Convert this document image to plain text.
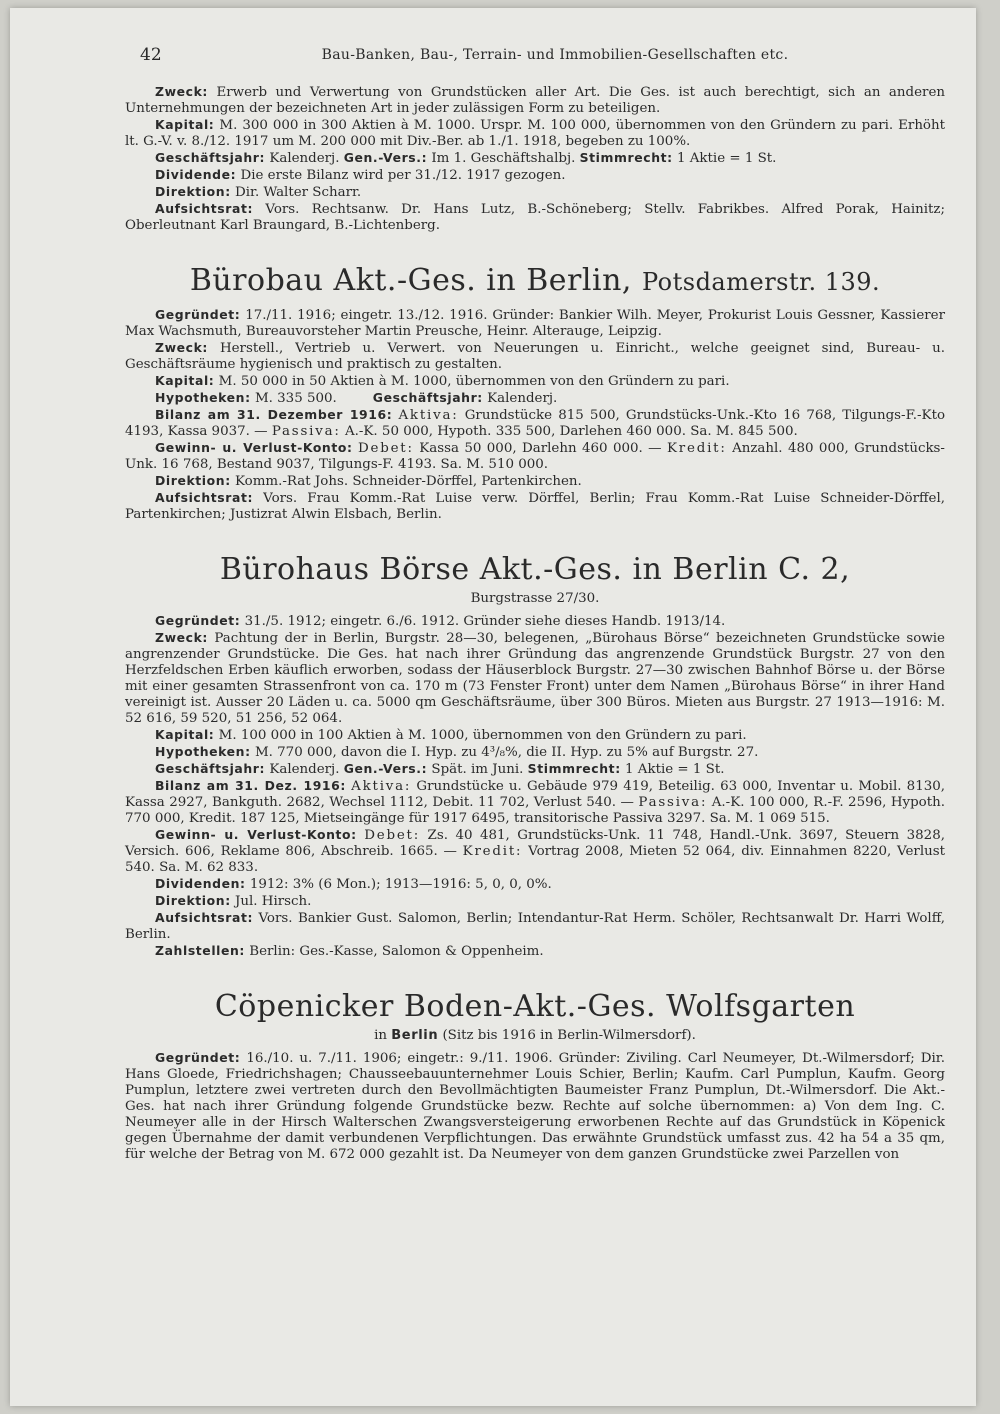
42	Bau-Banken, Bau-, Terrain- und Immobilien-Gesellschaften etc.

Zweck: Erwerb und Verwertung von Grundstücken aller Art. Die Ges. ist auch berechtigt, sich an anderen Unternehmungen der bezeichneten Art in jeder zulässigen Form zu beteiligen.

Kapital: M. 300 000 in 300 Aktien à M. 1000. Urspr. M. 100 000, übernommen von den Gründern zu pari. Erhöht lt. G.-V. v. 8./12. 1917 um M. 200 000 mit Div.-Ber. ab 1./1. 1918, begeben zu 100%.

Geschäftsjahr: Kalenderj. Gen.-Vers.: Im 1. Geschäftshalbj. Stimmrecht: 1 Aktie = 1 St.

Dividende: Die erste Bilanz wird per 31./12. 1917 gezogen.

Direktion: Dir. Walter Scharr.

Aufsichtsrat: Vors. Rechtsanw. Dr. Hans Lutz, B.-Schöneberg; Stellv. Fabrikbes. Alfred Porak, Hainitz; Oberleutnant Karl Braungard, B.-Lichtenberg.

Bürobau Akt.-Ges. in Berlin, Potsdamerstr. 139.

Gegründet: 17./11. 1916; eingetr. 13./12. 1916. Gründer: Bankier Wilh. Meyer, Prokurist Louis Gessner, Kassierer Max Wachsmuth, Bureauvorsteher Martin Preusche, Heinr. Alterauge, Leipzig.

Zweck: Herstell., Vertrieb u. Verwert. von Neuerungen u. Einricht., welche geeignet sind, Bureau- u. Geschäftsräume hygienisch und praktisch zu gestalten.

Kapital: M. 50 000 in 50 Aktien à M. 1000, übernommen von den Gründern zu pari.

Hypotheken: M. 335 500.	Geschäftsjahr: Kalenderj.

Bilanz am 31. Dezember 1916: Aktiva: Grundstücke 815 500, Grundstücks-Unk.-Kto 16 768, Tilgungs-F.-Kto 4193, Kassa 9037. — Passiva: A.-K. 50 000, Hypoth. 335 500, Darlehen 460 000. Sa. M. 845 500.

Gewinn- u. Verlust-Konto: Debet: Kassa 50 000, Darlehn 460 000. — Kredit: Anzahl. 480 000, Grundstücks-Unk. 16 768, Bestand 9037, Tilgungs-F. 4193. Sa. M. 510 000.

Direktion: Komm.-Rat Johs. Schneider-Dörffel, Partenkirchen.

Aufsichtsrat: Vors. Frau Komm.-Rat Luise verw. Dörffel, Berlin; Frau Komm.-Rat Luise Schneider-Dörffel, Partenkirchen; Justizrat Alwin Elsbach, Berlin.

Bürohaus Börse Akt.-Ges. in Berlin C. 2,
Burgstrasse 27/30.

Gegründet: 31./5. 1912; eingetr. 6./6. 1912. Gründer siehe dieses Handb. 1913/14.

Zweck: Pachtung der in Berlin, Burgstr. 28—30, belegenen, „Bürohaus Börse“ bezeichneten Grundstücke sowie angrenzender Grundstücke. Die Ges. hat nach ihrer Gründung das angrenzende Grundstück Burgstr. 27 von den Herzfeldschen Erben käuflich erworben, sodass der Häuserblock Burgstr. 27—30 zwischen Bahnhof Börse u. der Börse mit einer gesamten Strassenfront von ca. 170 m (73 Fenster Front) unter dem Namen „Bürohaus Börse“ in ihrer Hand vereinigt ist. Ausser 20 Läden u. ca. 5000 qm Geschäftsräume, über 300 Büros. Mieten aus Burgstr. 27 1913—1916: M. 52 616, 59 520, 51 256, 52 064.

Kapital: M. 100 000 in 100 Aktien à M. 1000, übernommen von den Gründern zu pari.

Hypotheken: M. 770 000, davon die I. Hyp. zu 4³/₈%, die II. Hyp. zu 5% auf Burgstr. 27.

Geschäftsjahr: Kalenderj. Gen.-Vers.: Spät. im Juni. Stimmrecht: 1 Aktie = 1 St.

Bilanz am 31. Dez. 1916: Aktiva: Grundstücke u. Gebäude 979 419, Beteilig. 63 000, Inventar u. Mobil. 8130, Kassa 2927, Bankguth. 2682, Wechsel 1112, Debit. 11 702, Verlust 540. — Passiva: A.-K. 100 000, R.-F. 2596, Hypoth. 770 000, Kredit. 187 125, Mietseingänge für 1917 6495, transitorische Passiva 3297. Sa. M. 1 069 515.

Gewinn- u. Verlust-Konto: Debet: Zs. 40 481, Grundstücks-Unk. 11 748, Handl.-Unk. 3697, Steuern 3828, Versich. 606, Reklame 806, Abschreib. 1665. — Kredit: Vortrag 2008, Mieten 52 064, div. Einnahmen 8220, Verlust 540. Sa. M. 62 833.

Dividenden: 1912: 3% (6 Mon.); 1913—1916: 5, 0, 0, 0%.

Direktion: Jul. Hirsch.

Aufsichtsrat: Vors. Bankier Gust. Salomon, Berlin; Intendantur-Rat Herm. Schöler, Rechtsanwalt Dr. Harri Wolff, Berlin.

Zahlstellen: Berlin: Ges.-Kasse, Salomon & Oppenheim.

Cöpenicker Boden-Akt.-Ges. Wolfsgarten
in Berlin (Sitz bis 1916 in Berlin-Wilmersdorf).

Gegründet: 16./10. u. 7./11. 1906; eingetr.: 9./11. 1906. Gründer: Ziviling. Carl Neumeyer, Dt.-Wilmersdorf; Dir. Hans Gloede, Friedrichshagen; Chausseebauunternehmer Louis Schier, Berlin; Kaufm. Carl Pumplun, Kaufm. Georg Pumplun, letztere zwei vertreten durch den Bevollmächtigten Baumeister Franz Pumplun, Dt.-Wilmersdorf. Die Akt.-Ges. hat nach ihrer Gründung folgende Grundstücke bezw. Rechte auf solche übernommen: a) Von dem Ing. C. Neumeyer alle in der Hirsch Walterschen Zwangsversteigerung erworbenen Rechte auf das Grundstück in Köpenick gegen Übernahme der damit verbundenen Verpflichtungen. Das erwähnte Grundstück umfasst zus. 42 ha 54 a 35 qm, für welche der Betrag von M. 672 000 gezahlt ist. Da Neumeyer von dem ganzen Grundstücke zwei Parzellen von
